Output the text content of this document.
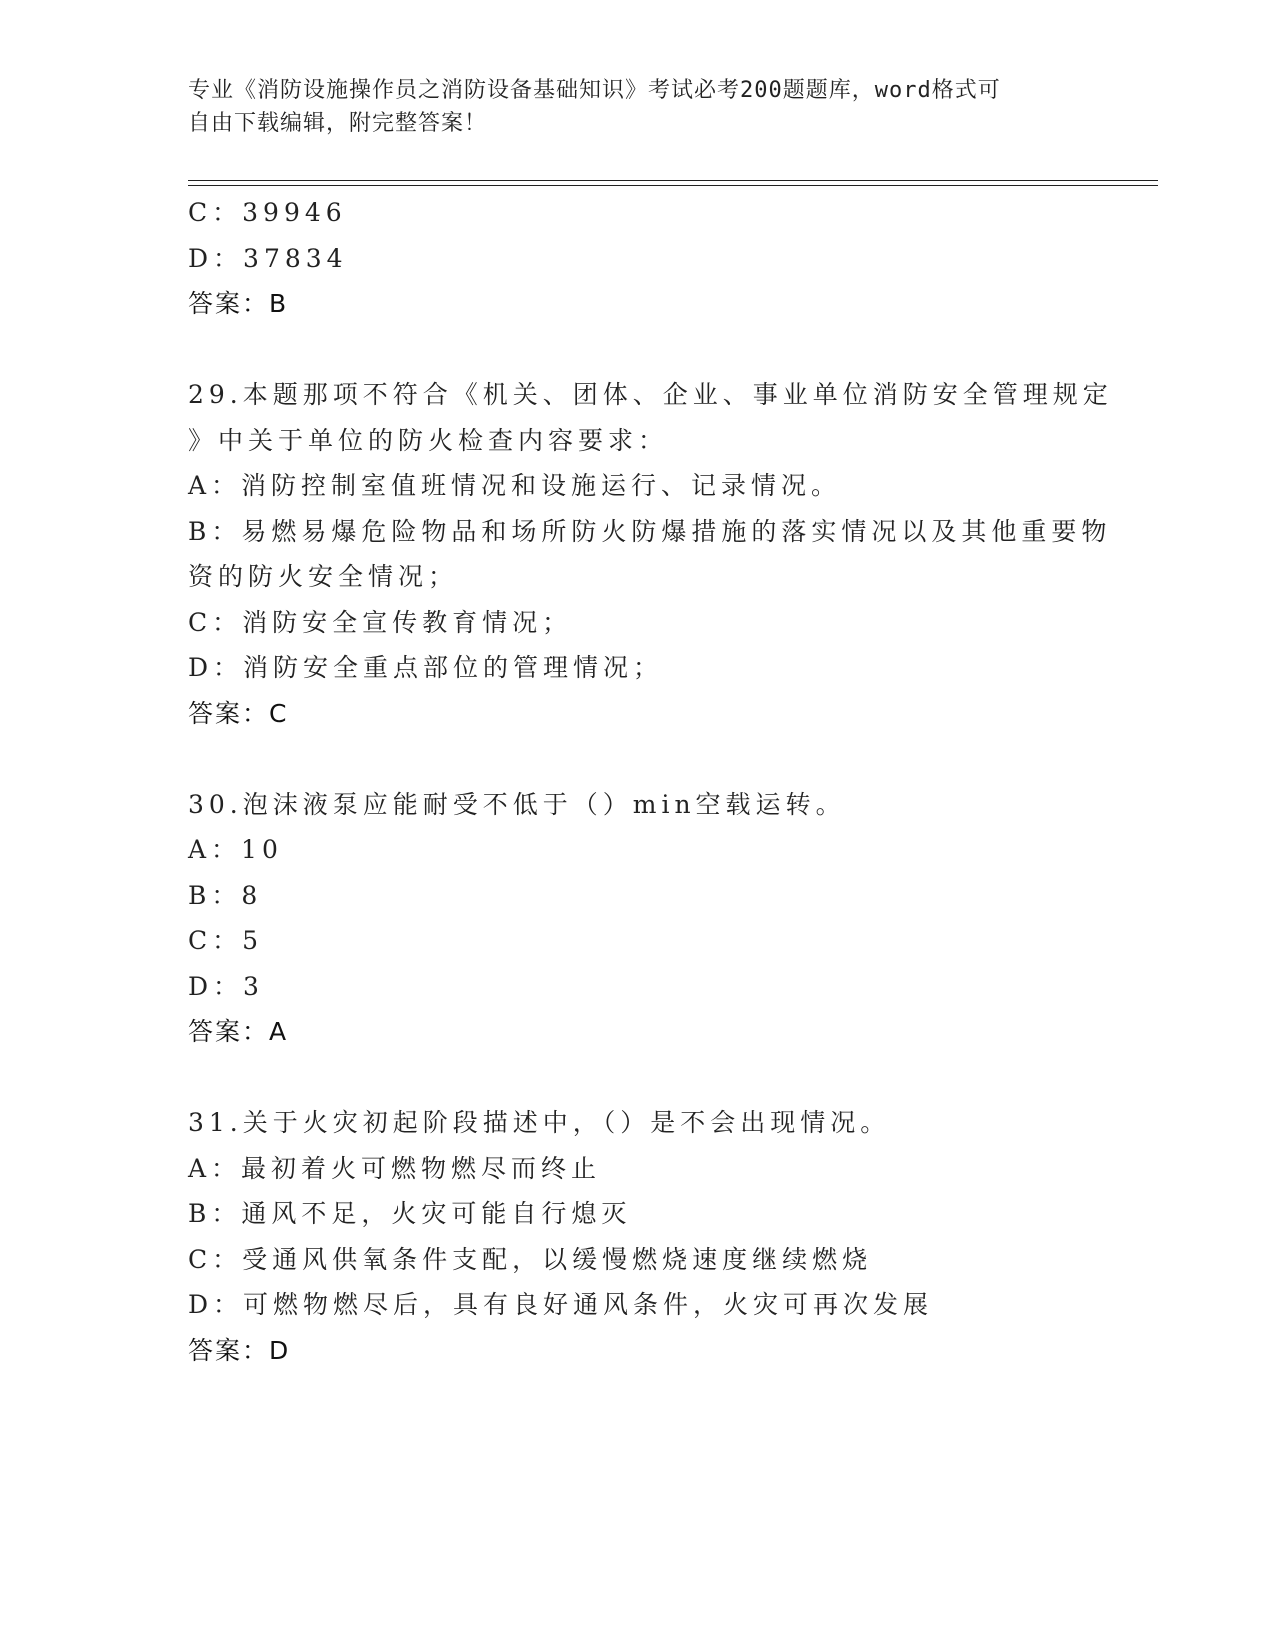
专业《消防设施操作员之消防设备基础知识》考试必考200题题库，word格式可
自由下载编辑，附完整答案！
C：39946
D：37834
答案：B
29.本题那项不符合《机关、团体、企业、事业单位消防安全管理规定
》中关于单位的防火检查内容要求：
A：消防控制室值班情况和设施运行、记录情况。
B：易燃易爆危险物品和场所防火防爆措施的落实情况以及其他重要物
资的防火安全情况；
C：消防安全宣传教育情况；
D：消防安全重点部位的管理情况；
答案：C
30.泡沫液泵应能耐受不低于（）min空载运转。
A：10
B：8
C：5
D：3
答案：A
31.关于火灾初起阶段描述中，（）是不会出现情况。
A：最初着火可燃物燃尽而终止
B：通风不足，火灾可能自行熄灭
C：受通风供氧条件支配，以缓慢燃烧速度继续燃烧
D：可燃物燃尽后，具有良好通风条件，火灾可再次发展
答案：D
